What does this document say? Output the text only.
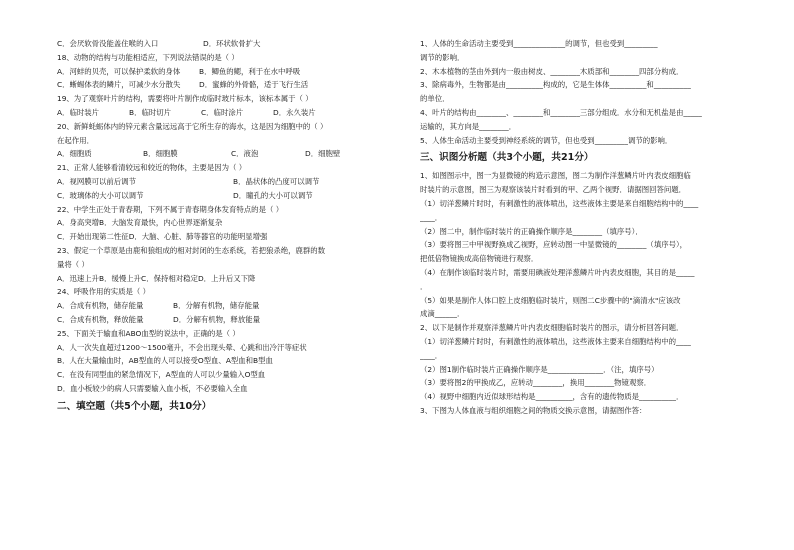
C．会厌软骨没能盖住喉的入口	D．环状软骨扩大
18、动物的结构与功能相适应，下列说法错误的是（ ）
A．河蚌的贝壳，可以保护柔软的身体	B．鲫鱼的鳃，利于在水中呼吸
C．蜥蜴体表的鳞片，可减少水分散失	D．蜜蜂的外骨骼，适于飞行生活
19、为了观察叶片的结构，需要将叶片制作成临时玻片标本，该标本属于（ ）
A．临时装片	B．临时切片	C．临时涂片	D．永久装片
20、新鲜蚝蛎体内的锌元素含量远远高于它所生存的海水，这是因为细胞中的（ ）
在起作用．
A．细胞质	B．细胞膜	C．液泡	D．细胞壁
21、正常人能够看清较远和较近的物体，主要是因为（ ）
A．视网膜可以前后调节	B．晶状体的凸度可以调节
C．玻璃体的大小可以调节	D．瞳孔的大小可以调节
22、中学生正处于青春期，下列不属于青春期身体发育特点的是（ ）
A．身高突增B．大脑发育最快，内心世界逐渐复杂
C．开始出现第二性征D．大脑、心脏、肺等器官的功能明显增强
23、假定一个草原是由鹿和狼组成的相对封闭的生态系统，若把狼杀绝，鹿群的数
量将（ ）
A．迅速上升B．缓慢上升C．保持相对稳定D．上升后又下降
24、呼吸作用的实质是（ ）
A．合成有机物，储存能量	B．分解有机物，储存能量
C．合成有机物，释放能量	D．分解有机物，释放能量
25、下面关于输血和ABO血型的说法中，正确的是（ ）
A．人一次失血超过1200～1500毫升，不会出现头晕、心跳和出冷汗等症状
B．人在大量输血时，AB型血的人可以接受O型血、A型血和B型血
C．在没有同型血的紧急情况下，A型血的人可以少量输入O型血
D．血小板较少的病人只需要输入血小板，不必要输入全血
二、填空题（共5个小题，共10分）
1、人体的生命活动主要受到______________的调节，但也受到_________
调节的影响．
2、木本植物的茎由外到内一般由树皮、________木质部和________四部分构成．
3、除病毒外，生物都是由__________构成的，它是生体体__________和__________
的单位．
4、叶片的结构由________、________和________三部分组成．水分和无机盐是由_____
运输的，其方向是________．
5、人体生命活动主要受到神经系统的调节，但也受到_________调节的影响．
三、识图分析题（共3个小题，共21分）
1、如图图示中，图一为显微镜的构造示意图，图二为制作洋葱鳞片叶内表皮细胞临
时装片的示意图，图三为观察该装片时看到的甲、乙两个视野．请据图回答问题．
（1）切洋葱鳞片时时，有刺激性的液体喷出，这些液体主要是来自细胞结构中的____
____．
（2）图二中，制作临时装片的正确操作顺序是________（填序号）．
（3）要将图三中甲视野换成乙视野，应转动图一中显微镜的________（填序号），
把低倍物镜换成高倍物镜进行观察．
（4）在制作该临时装片时，需要用碘液处理洋葱鳞片叶内表皮细胞，其目的是_____
．
（5）如果是制作人体口腔上皮细胞临时装片，则图二C步骤中的"滴清水"应该改
成滴______．
2、以下是制作并观察洋葱鳞片叶内表皮细胞临时装片的图示，请分析回答问题．
（1）切洋葱鳞片时时，有刺激性的液体喷出，这些液体主要来自细胞结构中的____
____．
（2）图1制作临时装片正确操作顺序是_______________．（注，填序号）
（3）要将图2的甲换成乙，应转动________，换用________物镜观察．
（4）视野中细胞内近似球形结构是__________，含有的遗传物质是__________．
3、下图为人体血液与组织细胞之间的物质交换示意图，请据图作答：
